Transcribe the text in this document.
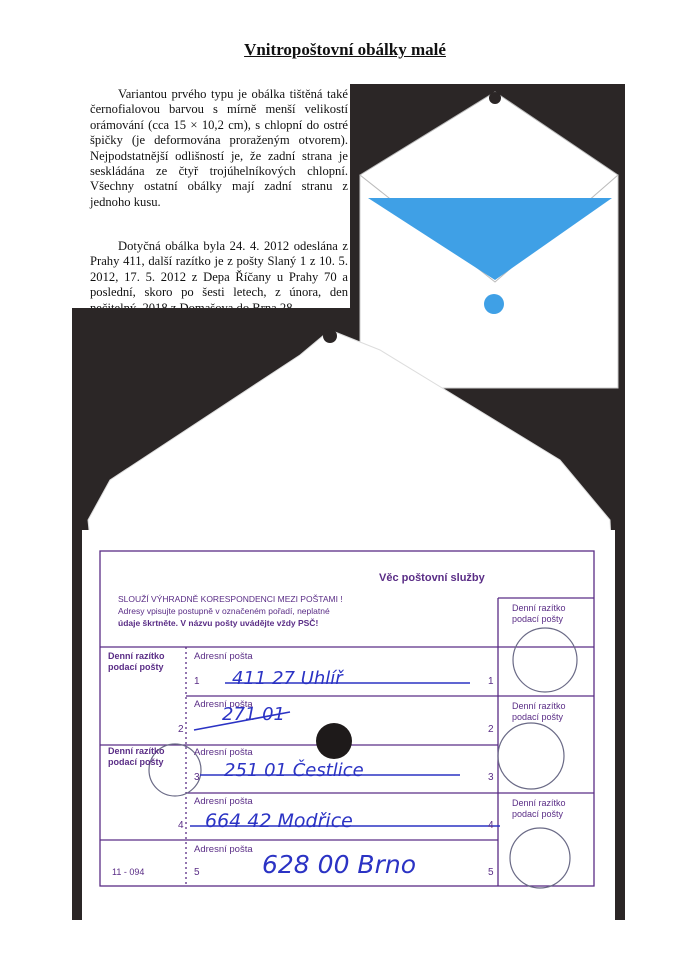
Vnitropoštovní obálky malé
Variantou prvého typu je obálka tištěná také černofialovou barvou s mírně menší velikostí orámování (cca 15 × 10,2 cm), s chlopní do ostré špičky (je deformována proraženým otvorem). Nejpodstatnější odlišností je, že zadní strana je seskládána ze čtyř trojúhelníkových chlopní. Všechny ostatní obálky mají zadní stranu z jednoho kusu.
Dotyčná obálka byla 24. 4. 2012 odeslána z Prahy 411, další razítko je z pošty Slaný 1 z 10. 5. 2012, 17. 5. 2012 z Depa Říčany u Prahy 70 a poslední, skoro po šesti letech, z února, den
Věc poštovní služby
SLOUŽÍ VÝHRADNĚ KORESPONDENCI MEZI POŠTAMI !
Adresy vpisujte postupně v označeném pořadí, neplatné
údaje škrtněte. V názvu pošty uvádějte vždy PSČ!
Denní razítko
podací pošty
Denní razítko
podací pošty
Denní razítko
podací pošty
Denní razítko
podací pošty
Denní razítko
podací pošty
Adresní pošta
Adresní pošta
Adresní pošta
Adresní pošta
Adresní pošta
1
2
3
4
5
1
2
3
4
5
11 - 094
411 27 Uhlíř
271 01
251 01 Čestlice
664 42 Modřice
628 00 Brno
